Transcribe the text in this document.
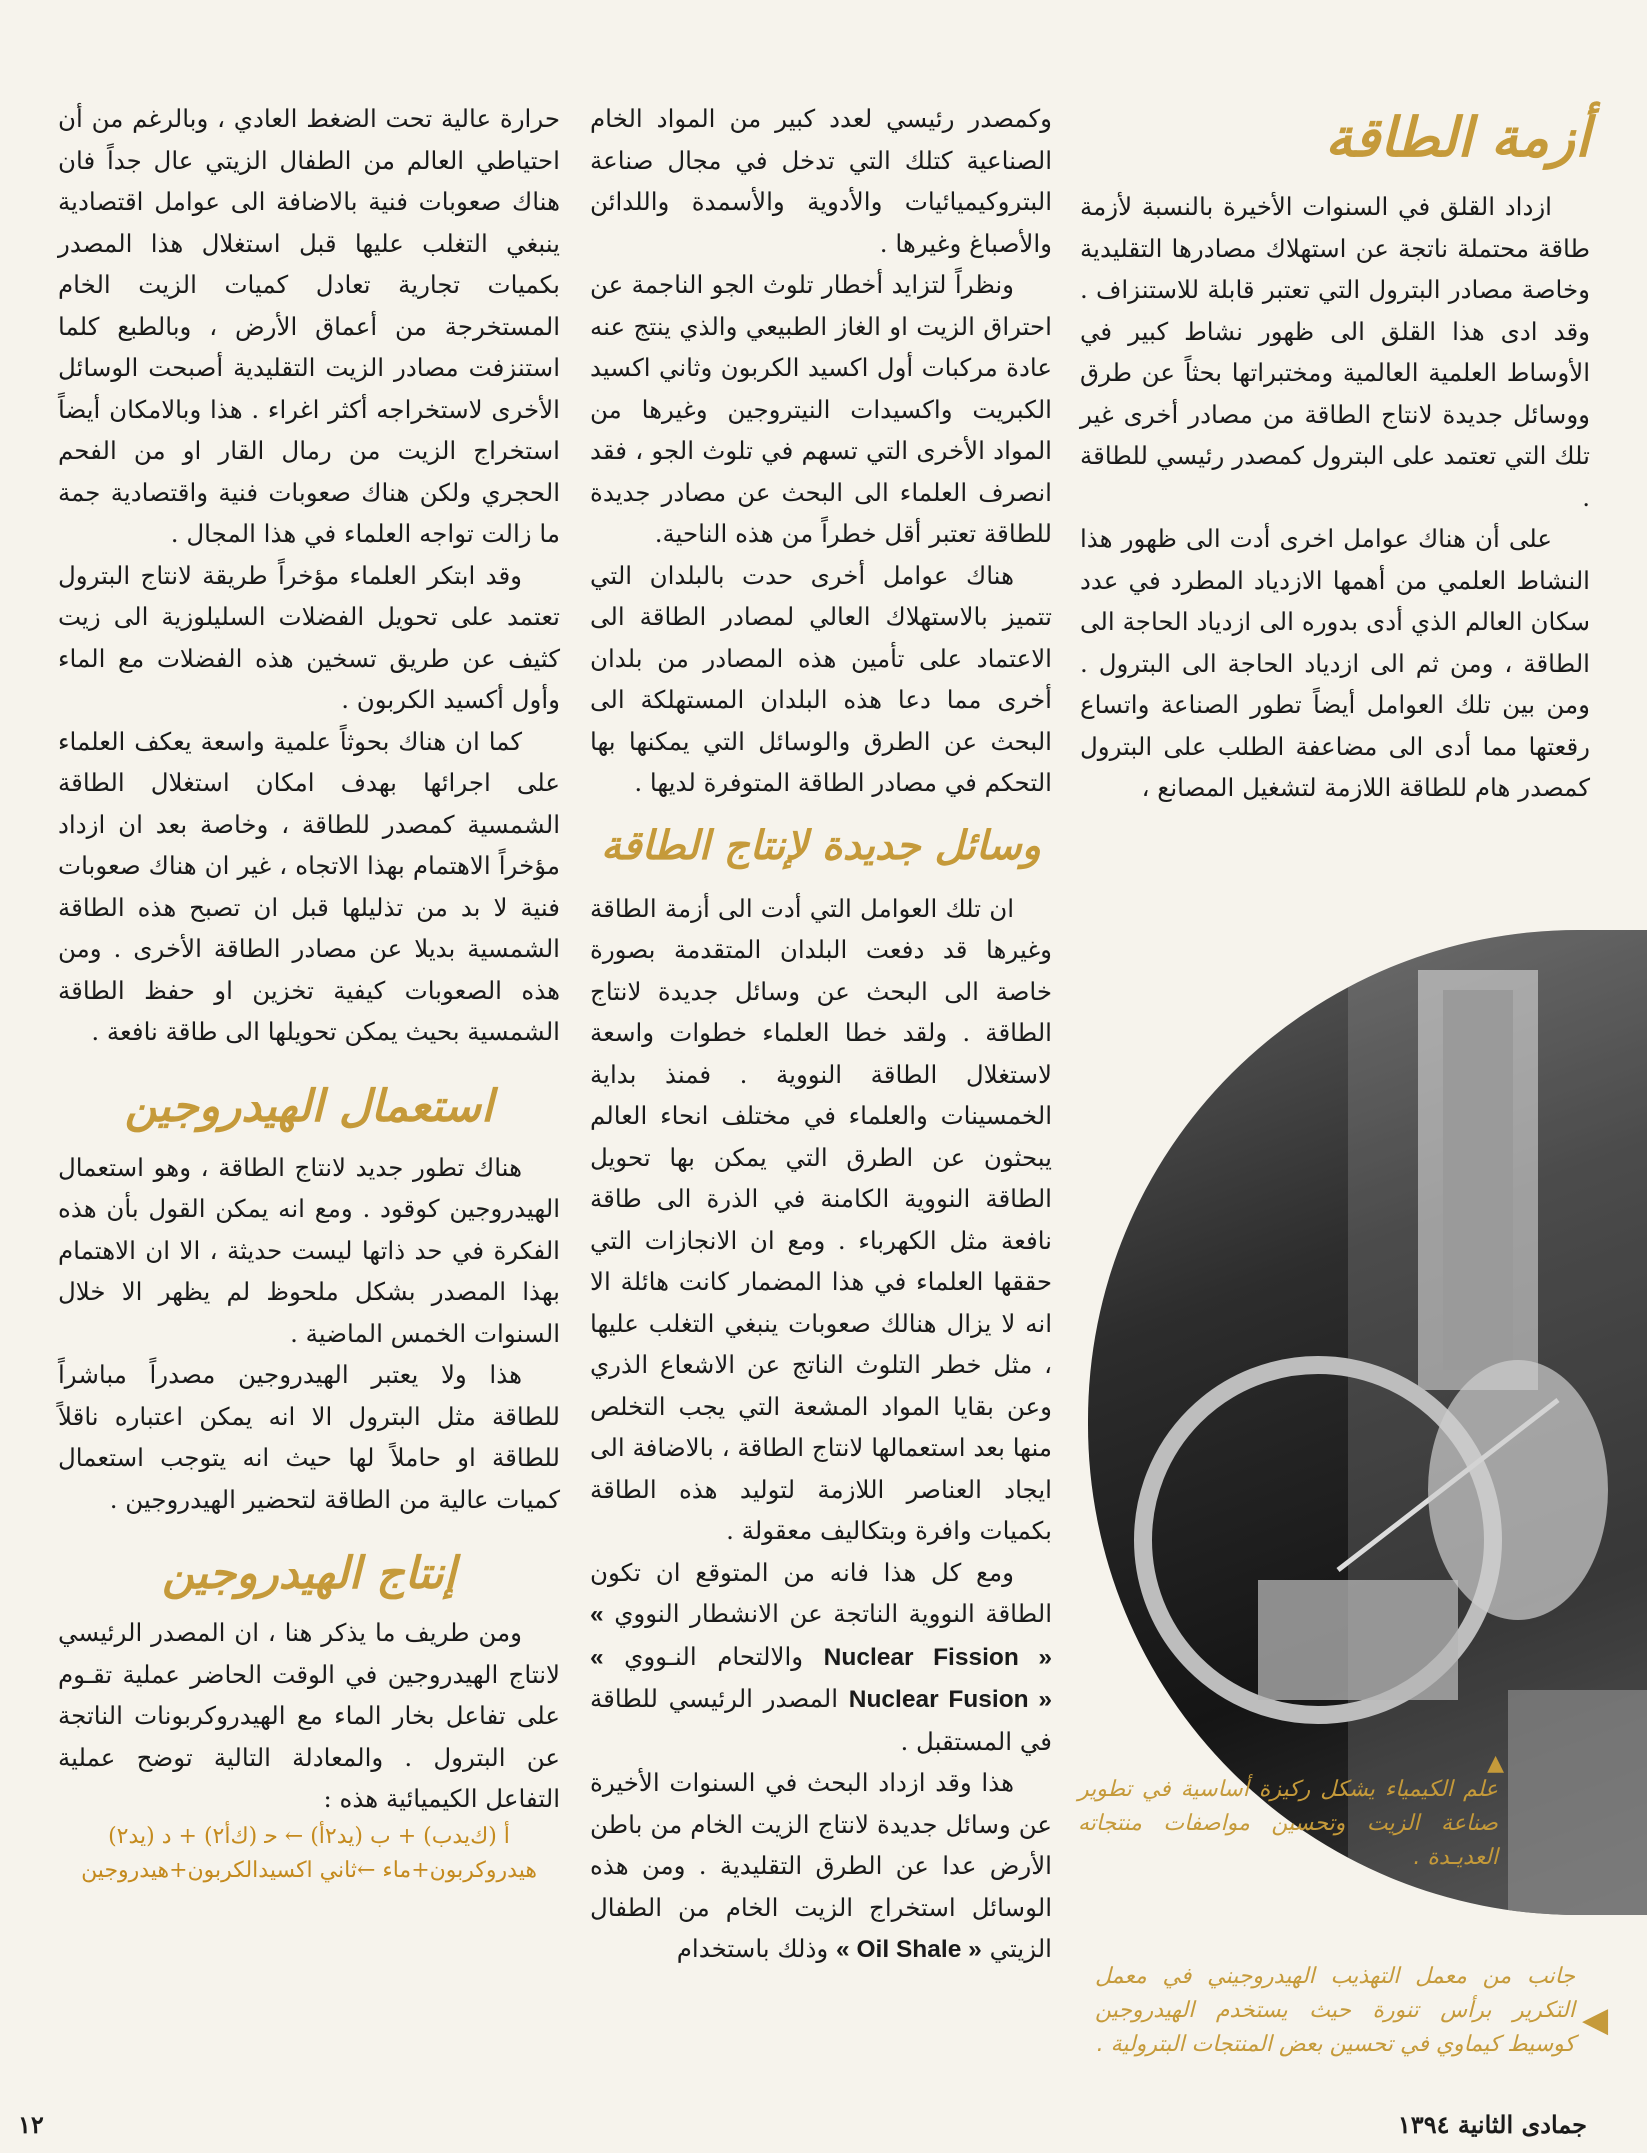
حرارة عالية تحت الضغط العادي ، وبالرغم من أن احتياطي العالم من الطفال الزيتي عال جداً فان هناك صعوبات فنية بالاضافة الى عوامل اقتصادية ينبغي التغلب عليها قبل استغلال هذا المصدر بكميات تجارية تعادل كميات الزيت الخام المستخرجة من أعماق الأرض ، وبالطبع كلما استنزفت مصادر الزيت التقليدية أصبحت الوسائل الأخرى لاستخراجه أكثر اغراء . هذا وبالامكان أيضاً استخراج الزيت من رمال القار او من الفحم الحجري ولكن هناك صعوبات فنية واقتصادية جمة ما زالت تواجه العلماء في هذا المجال .

وقد ابتكر العلماء مؤخراً طريقة لانتاج البترول تعتمد على تحويل الفضلات السليلوزية الى زيت كثيف عن طريق تسخين هذه الفضلات مع الماء وأول أكسيد الكربون .

كما ان هناك بحوثاً علمية واسعة يعكف العلماء على اجرائها بهدف امكان استغلال الطاقة الشمسية كمصدر للطاقة ، وخاصة بعد ان ازداد مؤخراً الاهتمام بهذا الاتجاه ، غير ان هناك صعوبات فنية لا بد من تذليلها قبل ان تصبح هذه الطاقة الشمسية بديلا عن مصادر الطاقة الأخرى . ومن هذه الصعوبات كيفية تخزين او حفظ الطاقة الشمسية بحيث يمكن تحويلها الى طاقة نافعة .

استعمال الهيدروجين

هناك تطور جديد لانتاج الطاقة ، وهو استعمال الهيدروجين كوقود . ومع انه يمكن القول بأن هذه الفكرة في حد ذاتها ليست حديثة ، الا ان الاهتمام بهذا المصدر بشكل ملحوظ لم يظهر الا خلال السنوات الخمس الماضية .

هذا ولا يعتبر الهيدروجين مصدراً مباشراً للطاقة مثل البترول الا انه يمكن اعتباره ناقلاً للطاقة او حاملاً لها حيث انه يتوجب استعمال كميات عالية من الطاقة لتحضير الهيدروجين .

إنتاج الهيدروجين

ومن طريف ما يذكر هنا ، ان المصدر الرئيسي لانتاج الهيدروجين في الوقت الحاضر عملية تقـوم على تفاعل بخار الماء مع الهيدروكربونات الناتجة عن البترول . والمعادلة التالية توضح عملية التفاعل الكيميائية هذه :

أ (ك‌يدب) + ب (يد٢أ) ← ﺣ (ك‌أ٢) + د (يد٢)
هيدروكربون+ماء ←ثاني اكسيدالكربون+هيدروجين

وكمصدر رئيسي لعدد كبير من المواد الخام الصناعية كتلك التي تدخل في مجال صناعة البتروكيميائيات والأدوية والأسمدة واللدائن والأصباغ وغيرها .

ونظراً لتزايد أخطار تلوث الجو الناجمة عن احتراق الزيت او الغاز الطبيعي والذي ينتج عنه عادة مركبات أول اكسيد الكربون وثاني اكسيد الكبريت واكسيدات النيتروجين وغيرها من المواد الأخرى التي تسهم في تلوث الجو ، فقد انصرف العلماء الى البحث عن مصادر جديدة للطاقة تعتبر أقل خطراً من هذه الناحية.

هناك عوامل أخرى حدت بالبلدان التي تتميز بالاستهلاك العالي لمصادر الطاقة الى الاعتماد على تأمين هذه المصادر من بلدان أخرى مما دعا هذه البلدان المستهلكة الى البحث عن الطرق والوسائل التي يمكنها بها التحكم في مصادر الطاقة المتوفرة لديها .

وسائل جديدة لإنتاج الطاقة

ان تلك العوامل التي أدت الى أزمة الطاقة وغيرها قد دفعت البلدان المتقدمة بصورة خاصة الى البحث عن وسائل جديدة لانتاج الطاقة . ولقد خطا العلماء خطوات واسعة لاستغلال الطاقة النووية . فمنذ بداية الخمسينات والعلماء في مختلف انحاء العالم يبحثون عن الطرق التي يمكن بها تحويل الطاقة النووية الكامنة في الذرة الى طاقة نافعة مثل الكهرباء . ومع ان الانجازات التي حققها العلماء في هذا المضمار كانت هائلة الا انه لا يزال هنالك صعوبات ينبغي التغلب عليها ، مثل خطر التلوث الناتج عن الاشعاع الذري وعن بقايا المواد المشعة التي يجب التخلص منها بعد استعمالها لانتاج الطاقة ، بالاضافة الى ايجاد العناصر اللازمة لتوليد هذه الطاقة بكميات وافرة وبتكاليف معقولة .

ومع كل هذا فانه من المتوقع ان تكون الطاقة النووية الناتجة عن الانشطار النووي « Nuclear Fission » والالتحام النـووي « Nuclear Fusion » المصدر الرئيسي للطاقة في المستقبل .

هذا وقد ازداد البحث في السنوات الأخيرة عن وسائل جديدة لانتاج الزيت الخام من باطن الأرض عدا عن الطرق التقليدية . ومن هذه الوسائل استخراج الزيت الخام من الطفال الزيتي « Oil Shale » وذلك باستخدام

أزمة الطاقة

ازداد القلق في السنوات الأخيرة بالنسبة لأزمة طاقة محتملة ناتجة عن استهلاك مصادرها التقليدية وخاصة مصادر البترول التي تعتبر قابلة للاستنزاف . وقد ادى هذا القلق الى ظهور نشاط كبير في الأوساط العلمية العالمية ومختبراتها بحثاً عن طرق ووسائل جديدة لانتاج الطاقة من مصادر أخرى غير تلك التي تعتمد على البترول كمصدر رئيسي للطاقة .

على أن هناك عوامل اخرى أدت الى ظهور هذا النشاط العلمي من أهمها الازدياد المطرد في عدد سكان العالم الذي أدى بدوره الى ازدياد الحاجة الى الطاقة ، ومن ثم الى ازدياد الحاجة الى البترول . ومن بين تلك العوامل أيضاً تطور الصناعة واتساع رقعتها مما أدى الى مضاعفة الطلب على البترول كمصدر هام للطاقة اللازمة لتشغيل المصانع ،

▲
علم الكيمياء يشكل ركيزة أساسية في تطوير صناعة الزيت وتحسين مواصفات منتجاته العديـدة .
جانب من معمل التهذيب الهيدروجيني في معمل التكرير برأس تنورة حيث يستخدم الهيدروجين كوسيط كيماوي في تحسين بعض المنتجات البترولية .
◀
١٢	جمادى الثانية ١٣٩٤
